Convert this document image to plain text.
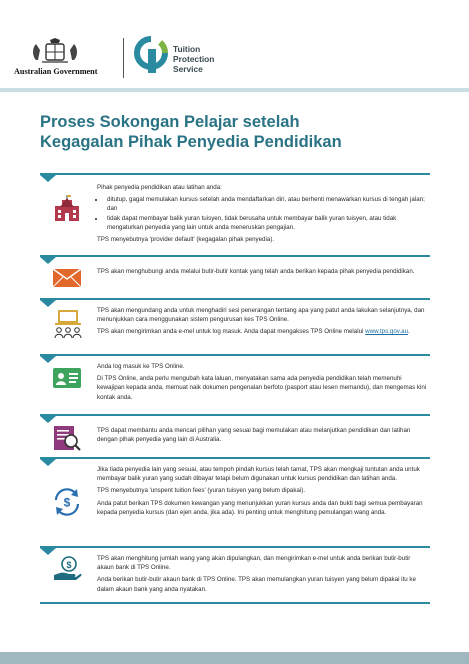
Australian Government
Tuition
Protection
Service
Proses Sokongan Pelajar setelah
Kegagalan Pihak Penyedia Pendidikan

Pihak penyedia pendidikan atau latihan anda:

• ditutup, gagal memulakan kursus setelah anda mendaftarkan diri, atau berhenti menawarkan kursus di tengah jalan; dan
• tidak dapat membayar balik yuran tuisyen, tidak berusaha untuk membayar balik yuran tuisyen, atau tidak mengaturkan penyedia yang lain untuk anda meneruskan pengajian.

TPS menyebutnya 'provider default' (kegagalan pihak penyedia).

TPS akan menghubungi anda melalui butir-butir kontak yang telah anda berikan kepada pihak penyedia pendidikan.

TPS akan mengundang anda untuk menghadiri sesi penerangan tentang apa yang patut anda lakukan selanjutnya, dan menunjukkan cara menggunakan sistem pengurusan kes TPS Online.

TPS akan mengirimkan anda e-mel untuk log masuk. Anda dapat mengakses TPS Online melalui www.tps.gov.au.

Anda log masuk ke TPS Online.

Di TPS Online, anda perlu mengubah kata laluan, menyatakan sama ada penyedia pendidikan telah memenuhi kewajipan kepada anda, memuat naik dokumen pengenalan berfoto (pasport atau lesen memandu), dan mengemas kini kontak anda.

TPS dapat membantu anda mencari pilihan yang sesuai bagi memulakan atau melanjutkan pendidikan dan latihan dengan pihak penyedia yang lain di Australia.

$

Jika tiada penyedia lain yang sesuai, atau tempoh pindah kursus telah tamat, TPS akan mengkaji tuntutan anda untuk membayar balik yuran yang sudah dibayar tetapi belum digunakan untuk kursus pendidikan dan latihan anda.

TPS menyebutnya 'unspent tuition fees' (yuran tuisyen yang belum dipakai).

Anda patut berikan TPS dokumen kewangan yang menunjukkan yuran kursus anda dan bukti bagi semua pembayaran kepada penyedia kursus (dan ejen anda, jika ada). Ini penting untuk menghitung pemulangan wang anda.

$

TPS akan menghitung jumlah wang yang akan dipulangkan, dan mengirimkan e-mel untuk anda berikan butir-butir akaun bank di TPS Online.

Anda berikan butir-butir akaun bank di TPS Online. TPS akan memulangkan yuran tuisyen yang belum dipakai itu ke dalam akaun bank yang anda nyatakan.
